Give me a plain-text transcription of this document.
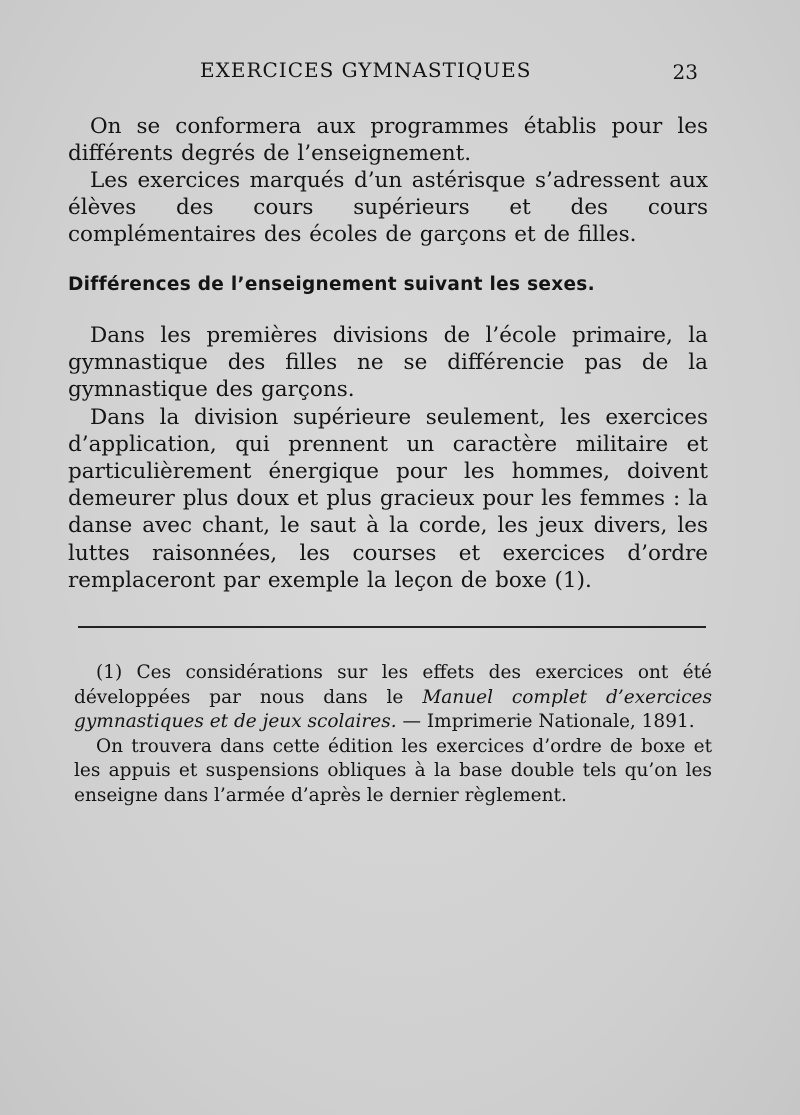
EXERCICES GYMNASTIQUES	23

On se conformera aux programmes établis pour les différents degrés de l’enseignement.

Les exercices marqués d’un astérisque s’adressent aux élèves des cours supérieurs et des cours complémentaires des écoles de garçons et de filles.

Différences de l’enseignement suivant les sexes.

Dans les premières divisions de l’école primaire, la gymnastique des filles ne se différencie pas de la gymnastique des garçons.

Dans la division supérieure seulement, les exercices d’application, qui prennent un caractère militaire et particulièrement énergique pour les hommes, doivent demeurer plus doux et plus gracieux pour les femmes : la danse avec chant, le saut à la corde, les jeux divers, les luttes raisonnées, les courses et exercices d’ordre remplaceront par exemple la leçon de boxe (1).

(1) Ces considérations sur les effets des exercices ont été développées par nous dans le Manuel complet d’exercices gymnastiques et de jeux scolaires. — Imprimerie Nationale, 1891.

On trouvera dans cette édition les exercices d’ordre de boxe et les appuis et suspensions obliques à la base double tels qu’on les enseigne dans l’armée d’après le dernier règlement.
